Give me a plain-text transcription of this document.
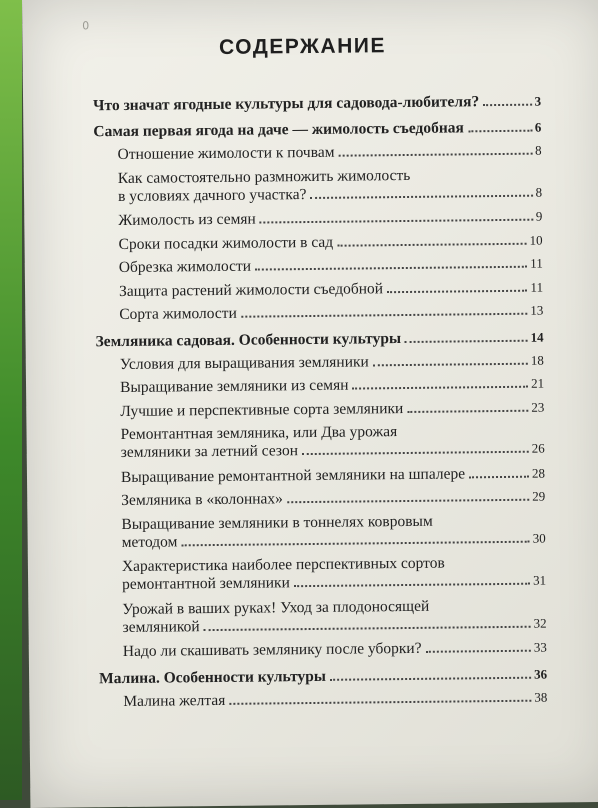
0
СОДЕРЖАНИЕ
Что значат ягодные культуры для садовода-любителя?	3
Самая первая ягода на даче — жимолость съедобная	6
Отношение жимолости к почвам	8
Как самостоятельно размножить жимолость
в условиях дачного участка?	8
Жимолость из семян	9
Сроки посадки жимолости в сад	10
Обрезка жимолости	11
Защита растений жимолости съедобной	11
Сорта жимолости	13
Земляника садовая. Особенности культуры	14
Условия для выращивания земляники	18
Выращивание земляники из семян	21
Лучшие и перспективные сорта земляники	23
Ремонтантная земляника, или Два урожая
земляники за летний сезон	26
Выращивание ремонтантной земляники на шпалере	28
Земляника в «колоннах»	29
Выращивание земляники в тоннелях ковровым
методом	30
Характеристика наиболее перспективных сортов
ремонтантной земляники	31
Урожай в ваших руках! Уход за плодоносящей
земляникой	32
Надо ли скашивать землянику после уборки?	33
Малина. Особенности культуры	36
Малина желтая	38
